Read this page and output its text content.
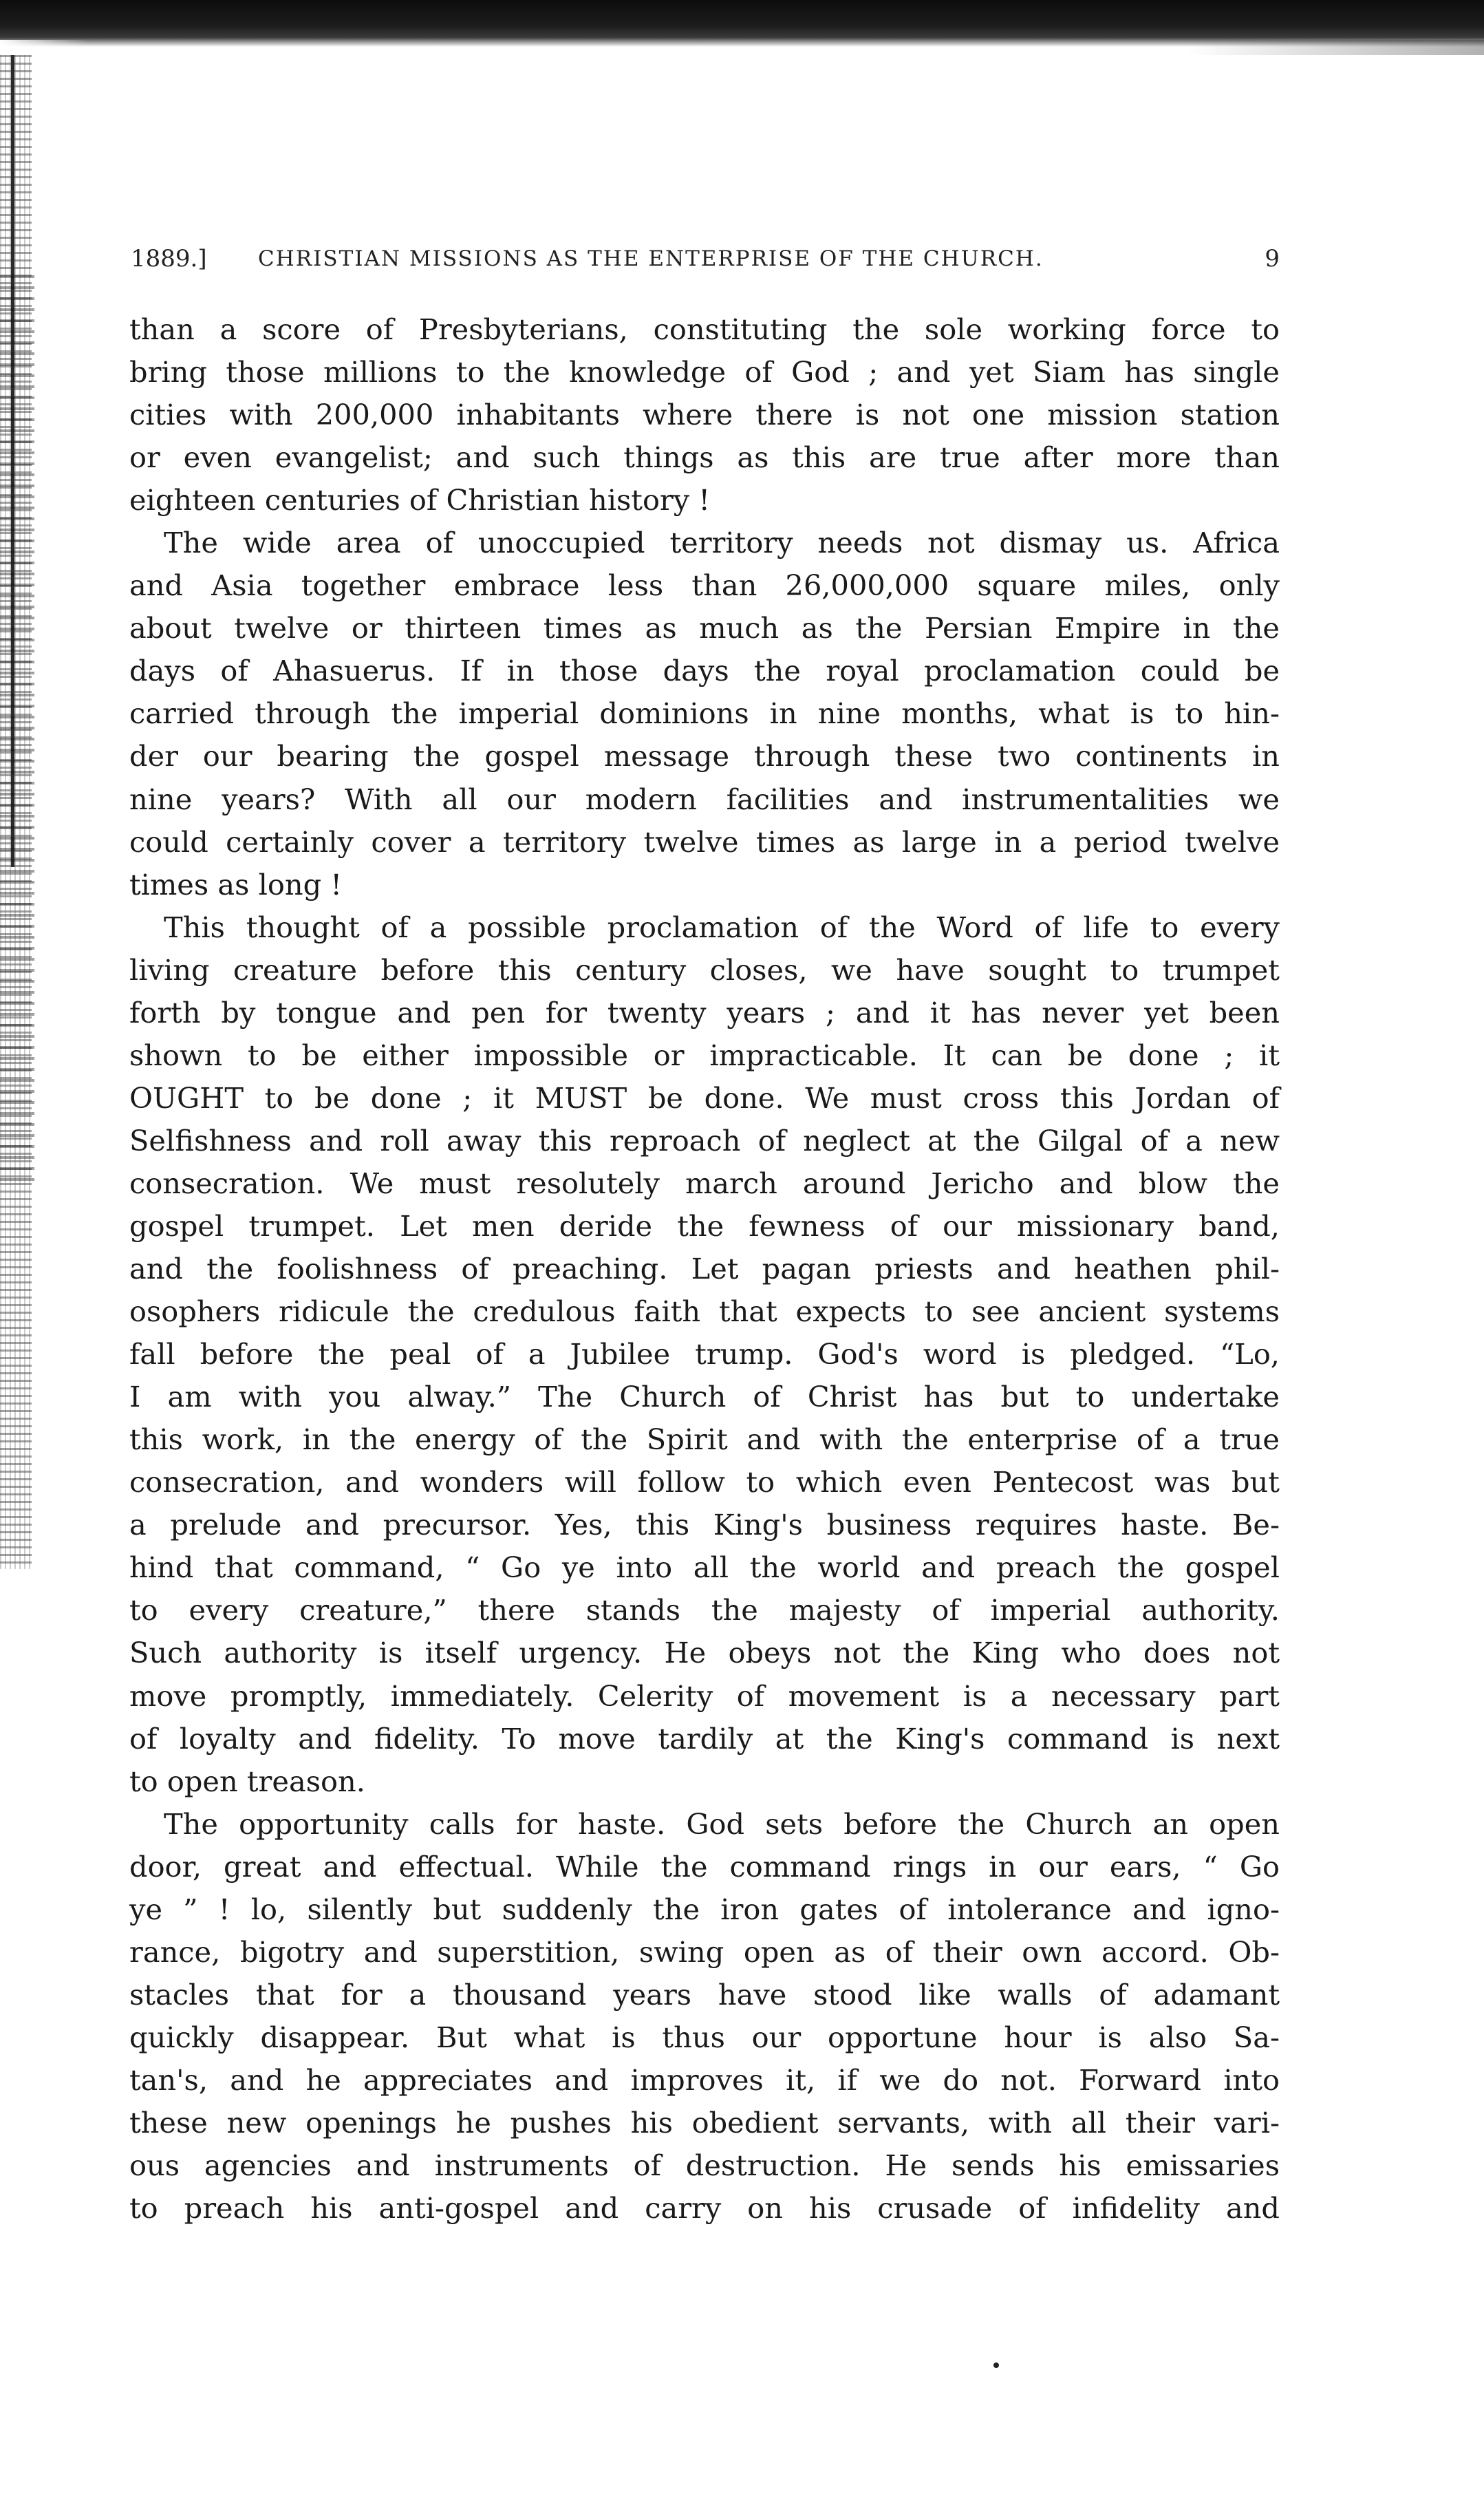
1889.] CHRISTIAN MISSIONS AS THE ENTERPRISE OF THE CHURCH.	9
than a score of Presbyterians, constituting the sole working force to
bring those millions to the knowledge of God ; and yet Siam has single
cities with 200,000 inhabitants where there is not one mission station
or even evangelist; and such things as this are true after more than
eighteen centuries of Christian history !
The wide area of unoccupied territory needs not dismay us. Africa
and Asia together embrace less than 26,000,000 square miles, only
about twelve or thirteen times as much as the Persian Empire in the
days of Ahasuerus. If in those days the royal proclamation could be
carried through the imperial dominions in nine months, what is to hin-
der our bearing the gospel message through these two continents in
nine years? With all our modern facilities and instrumentalities we
could certainly cover a territory twelve times as large in a period twelve
times as long !
This thought of a possible proclamation of the Word of life to every
living creature before this century closes, we have sought to trumpet
forth by tongue and pen for twenty years ; and it has never yet been
shown to be either impossible or impracticable. It can be done ; it
OUGHT to be done ; it MUST be done. We must cross this Jordan of
Selfishness and roll away this reproach of neglect at the Gilgal of a new
consecration. We must resolutely march around Jericho and blow the
gospel trumpet. Let men deride the fewness of our missionary band,
and the foolishness of preaching. Let pagan priests and heathen phil-
osophers ridicule the credulous faith that expects to see ancient systems
fall before the peal of a Jubilee trump. God's word is pledged. “Lo,
I am with you alway.” The Church of Christ has but to undertake
this work, in the energy of the Spirit and with the enterprise of a true
consecration, and wonders will follow to which even Pentecost was but
a prelude and precursor. Yes, this King's business requires haste. Be-
hind that command, “ Go ye into all the world and preach the gospel
to every creature,” there stands the majesty of imperial authority.
Such authority is itself urgency. He obeys not the King who does not
move promptly, immediately. Celerity of movement is a necessary part
of loyalty and fidelity. To move tardily at the King's command is next
to open treason.
The opportunity calls for haste. God sets before the Church an open
door, great and effectual. While the command rings in our ears, “ Go
ye ” ! lo, silently but suddenly the iron gates of intolerance and igno-
rance, bigotry and superstition, swing open as of their own accord. Ob-
stacles that for a thousand years have stood like walls of adamant
quickly disappear. But what is thus our opportune hour is also Sa-
tan's, and he appreciates and improves it, if we do not. Forward into
these new openings he pushes his obedient servants, with all their vari-
ous agencies and instruments of destruction. He sends his emissaries
to preach his anti-gospel and carry on his crusade of infidelity and
